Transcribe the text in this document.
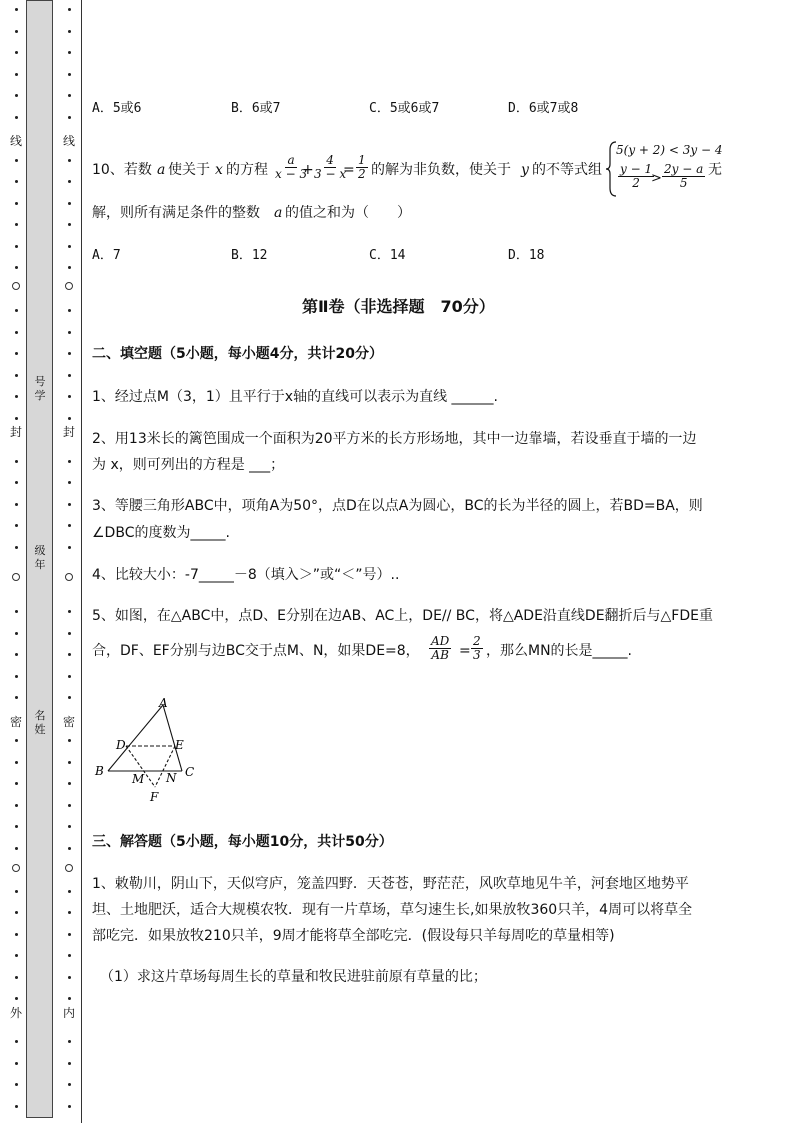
线
封
密
外
号学
级年
名姓
线
封
密
内
A．5或6	B．6或7	C．5或6或7	D．6或7或8
10、若数 a 使关于 x 的方程 $\frac{a}{x - 3}$
+
$\frac{4}{3 - x}$
= $\frac{1}{2}$ 的解为非负数，使关于 y 的不等式组
5(y + 2) < 3y − 4
$\frac{y - 1}{2}$
> $\frac{2y - a}{5}$ 无
解，则所有满足条件的整数 a 的值之和为（　　）
A．7	B．12	C．14	D．18
第Ⅱ卷（非选择题　70分）
二、填空题（5小题，每小题4分，共计20分）
1、经过点M（3，1）且平行于x轴的直线可以表示为直线 ______.
2、用13米长的篱笆围成一个面积为20平方米的长方形场地，其中一边靠墙，若设垂直于墙的一边
为 x，则可列出的方程是 ___；
3、等腰三角形ABC中，项角A为50°，点D在以点A为圆心，BC的长为半径的圆上，若BD=BA，则
∠DBC的度数为_____.
4、比较大小：-7_____－8（填入＞”或“＜”号）..
5、如图，在△ABC中，点D、E分别在边AB、AC上，DE// BC，将△ADE沿直线DE翻折后与△FDE重
合，DF、EF分别与边BC交于点M、N，如果DE=8， $\frac{AD}{AB} = \frac{2}{3}$ ，那么MN的长是_____.
A
B	C
D	E
M N
F
三、解答题（5小题，每小题10分，共计50分）
1、敕勒川，阴山下，天似穹庐，笼盖四野．天苍苍，野茫茫，风吹草地见牛羊，河套地区地势平
坦、土地肥沃，适合大规模农牧．现有一片草场，草匀速生长,如果放牧360只羊，4周可以将草全
部吃完．如果放牧210只羊，9周才能将草全部吃完．(假设每只羊每周吃的草量相等)
（1）求这片草场每周生长的草量和牧民进驻前原有草量的比；
